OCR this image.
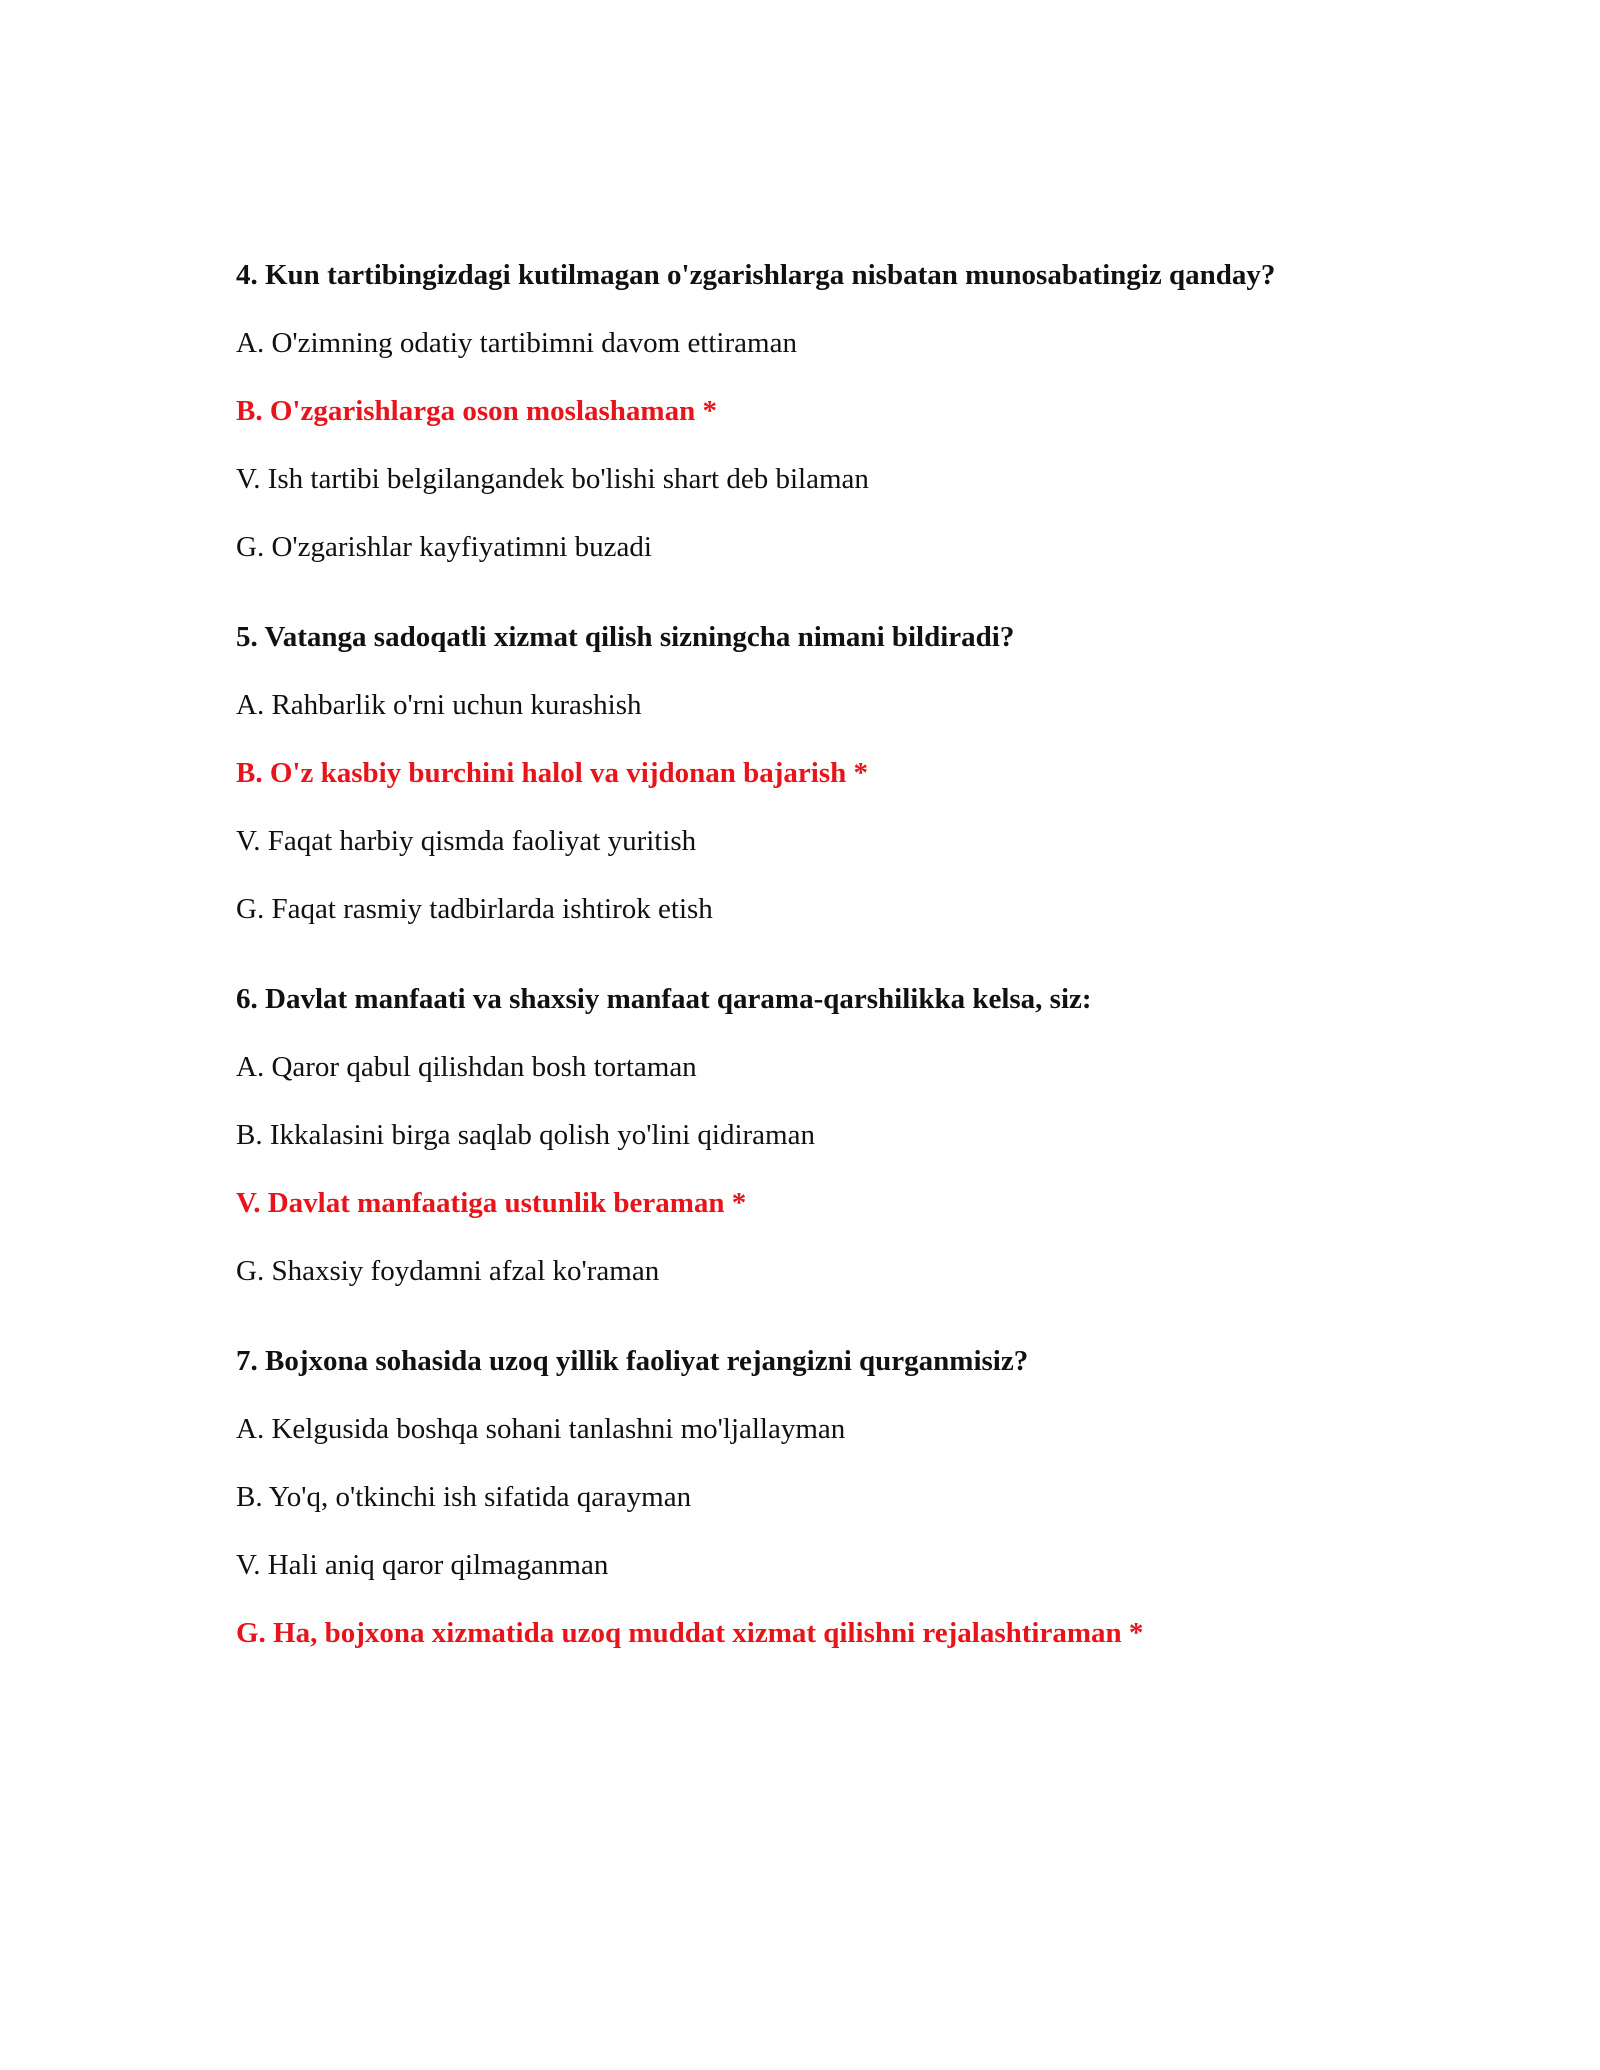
4. Kun tartibingizdagi kutilmagan o'zgarishlarga nisbatan munosabatingiz qanday?
A. O'zimning odatiy tartibimni davom ettiraman
B. O'zgarishlarga oson moslashaman *
V. Ish tartibi belgilangandek bo'lishi shart deb bilaman
G. O'zgarishlar kayfiyatimni buzadi
5. Vatanga sadoqatli xizmat qilish sizningcha nimani bildiradi?
A. Rahbarlik o'rni uchun kurashish
B. O'z kasbiy burchini halol va vijdonan bajarish *
V. Faqat harbiy qismda faoliyat yuritish
G. Faqat rasmiy tadbirlarda ishtirok etish
6. Davlat manfaati va shaxsiy manfaat qarama-qarshilikka kelsa, siz:
A. Qaror qabul qilishdan bosh tortaman
B. Ikkalasini birga saqlab qolish yo'lini qidiraman
V. Davlat manfaatiga ustunlik beraman *
G. Shaxsiy foydamni afzal ko'raman
7. Bojxona sohasida uzoq yillik faoliyat rejangizni qurganmisiz?
A. Kelgusida boshqa sohani tanlashni mo'ljallayman
B. Yo'q, o'tkinchi ish sifatida qarayman
V. Hali aniq qaror qilmaganman
G. Ha, bojxona xizmatida uzoq muddat xizmat qilishni rejalashtiraman *
